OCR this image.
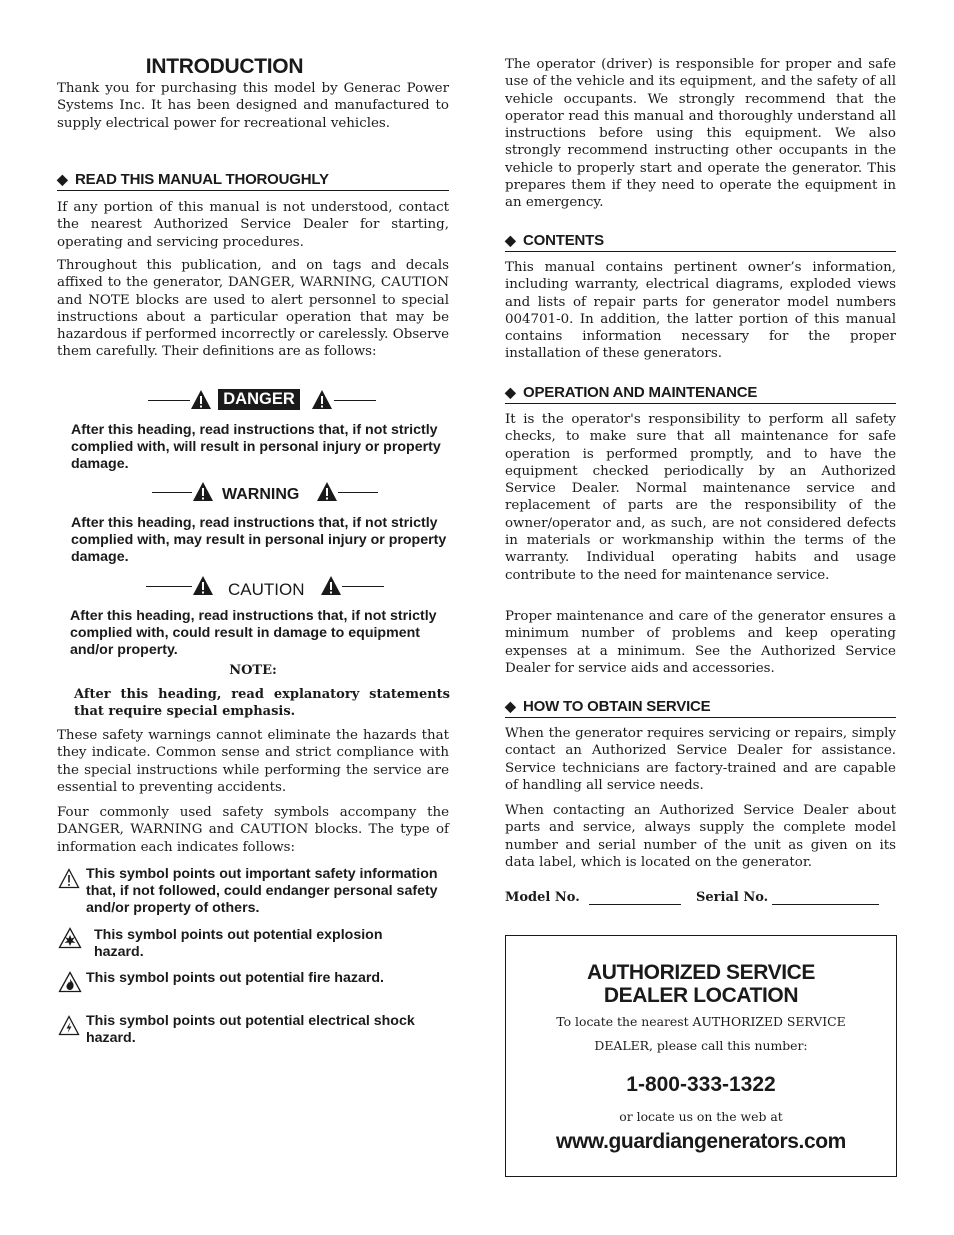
INTRODUCTION

Thank you for purchasing this model by Generac Power Systems Inc. It has been designed and manufactured to supply electrical power for recreational vehicles.

◆ READ THIS MANUAL THOROUGHLY

If any portion of this manual is not understood, contact the nearest Authorized Service Dealer for starting, operating and servicing procedures.

Throughout this publication, and on tags and decals affixed to the generator, DANGER, WARNING, CAUTION and NOTE blocks are used to alert personnel to special instructions about a particular operation that may be hazardous if performed incorrectly or carelessly. Observe them carefully. Their definitions are as follows:

DANGER

After this heading, read instructions that, if not strictly complied with, will result in personal injury or property damage.

WARNING

After this heading, read instructions that, if not strictly complied with, may result in personal injury or property damage.

CAUTION

After this heading, read instructions that, if not strictly complied with, could result in damage to equipment and/or property.

NOTE:

After this heading, read explanatory statements that require special emphasis.

These safety warnings cannot eliminate the hazards that they indicate. Common sense and strict compliance with the special instructions while performing the service are essential to preventing accidents.

Four commonly used safety symbols accompany the DANGER, WARNING and CAUTION blocks. The type of information each indicates follows:

This symbol points out important safety information that, if not followed, could endanger personal safety and/or property of others.

This symbol points out potential explosion hazard.

This symbol points out potential fire hazard.

This symbol points out potential electrical shock hazard.

The operator (driver) is responsible for proper and safe use of the vehicle and its equipment, and the safety of all vehicle occupants. We strongly recommend that the operator read this manual and thoroughly understand all instructions before using this equipment. We also strongly recommend instructing other occupants in the vehicle to properly start and operate the generator. This prepares them if they need to operate the equipment in an emergency.

◆ CONTENTS

This manual contains pertinent owner’s information, including warranty, electrical diagrams, exploded views and lists of repair parts for generator model numbers 004701-0. In addition, the latter portion of this manual contains information necessary for the proper installation of these generators.

◆ OPERATION AND MAINTENANCE

It is the operator's responsibility to perform all safety checks, to make sure that all maintenance for safe operation is performed promptly, and to have the equipment checked periodically by an Authorized Service Dealer. Normal maintenance service and replacement of parts are the responsibility of the owner/operator and, as such, are not considered defects in materials or workmanship within the terms of the warranty. Individual operating habits and usage contribute to the need for maintenance service.

Proper maintenance and care of the generator ensures a minimum number of problems and keep operating expenses at a minimum. See the Authorized Service Dealer for service aids and accessories.

◆ HOW TO OBTAIN SERVICE

When the generator requires servicing or repairs, simply contact an Authorized Service Dealer for assistance. Service technicians are factory-trained and are capable of handling all service needs.

When contacting an Authorized Service Dealer about parts and service, always supply the complete model number and serial number of the unit as given on its data label, which is located on the generator.

Model No.	Serial No.
AUTHORIZED SERVICE
DEALER LOCATION
To locate the nearest AUTHORIZED SERVICE
DEALER, please call this number:
1-800-333-1322
or locate us on the web at
www.guardiangenerators.com
